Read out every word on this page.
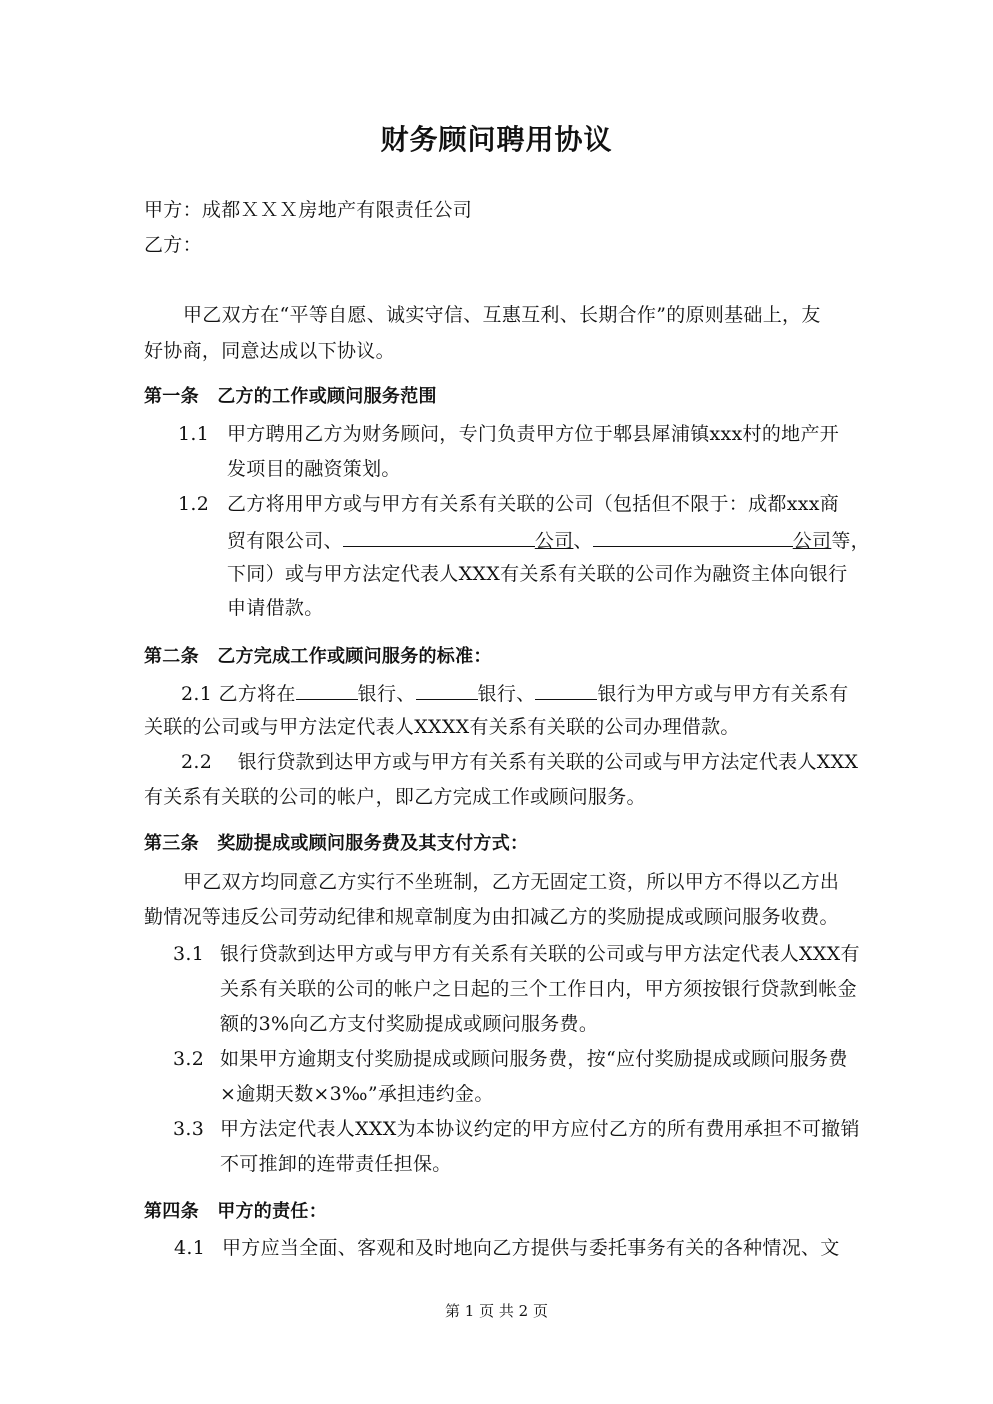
财务顾问聘用协议
甲方：成都ＸＸＸ房地产有限责任公司
乙方：
甲乙双方在“平等自愿、诚实守信、互惠互利、长期合作”的原则基础上，友
好协商，同意达成以下协议。
第一条　乙方的工作或顾问服务范围
1.1 甲方聘用乙方为财务顾问，专门负责甲方位于郫县犀浦镇xxx村的地产开
发项目的融资策划。
1.2 乙方将用甲方或与甲方有关系有关联的公司（包括但不限于：成都xxx商
贸有限公司、	公司、	公司等，
下同）或与甲方法定代表人XXX有关系有关联的公司作为融资主体向银行
申请借款。
第二条　乙方完成工作或顾问服务的标准：
2.1 乙方将在	银行、	银行、	银行为甲方或与甲方有关系有
关联的公司或与甲方法定代表人XXXX有关系有关联的公司办理借款。
2.2　 银行贷款到达甲方或与甲方有关系有关联的公司或与甲方法定代表人XXX
有关系有关联的公司的帐户，即乙方完成工作或顾问服务。
第三条　奖励提成或顾问服务费及其支付方式：
甲乙双方均同意乙方实行不坐班制，乙方无固定工资，所以甲方不得以乙方出
勤情况等违反公司劳动纪律和规章制度为由扣减乙方的奖励提成或顾问服务收费。
3.1 银行贷款到达甲方或与甲方有关系有关联的公司或与甲方法定代表人XXX有
关系有关联的公司的帐户之日起的三个工作日内，甲方须按银行贷款到帐金
额的3%向乙方支付奖励提成或顾问服务费。
3.2 如果甲方逾期支付奖励提成或顾问服务费，按“应付奖励提成或顾问服务费
×逾期天数×3‰”承担违约金。
3.3 甲方法定代表人XXX为本协议约定的甲方应付乙方的所有费用承担不可撤销
不可推卸的连带责任担保。
第四条　甲方的责任：
4.1 甲方应当全面、客观和及时地向乙方提供与委托事务有关的各种情况、文
第 1 页 共 2 页
